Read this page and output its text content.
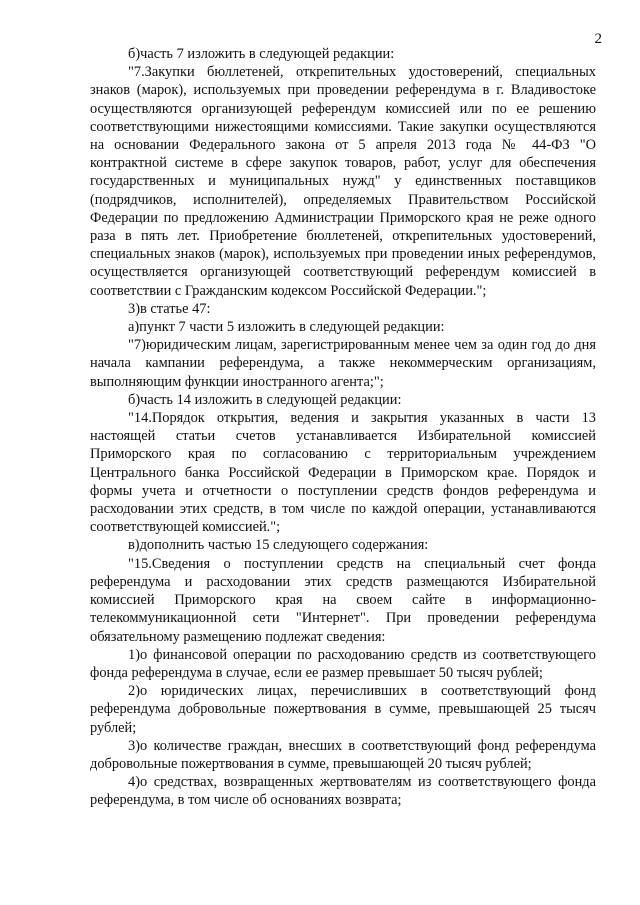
2

б)часть 7 изложить в следующей редакции:

"7.Закупки бюллетеней, открепительных удостоверений, специальных знаков (марок), используемых при проведении референдума в г. Владивостоке осуществляются организующей референдум комиссией или по ее решению соответствующими нижестоящими комиссиями. Такие закупки осуществляются на основании Федерального закона от 5 апреля 2013 года № 44-ФЗ "О контрактной системе в сфере закупок товаров, работ, услуг для обеспечения государственных и муниципальных нужд" у единственных поставщиков (подрядчиков, исполнителей), определяемых Правительством Российской Федерации по предложению Администрации Приморского края не реже одного раза в пять лет. Приобретение бюллетеней, открепительных удостоверений, специальных знаков (марок), используемых при проведении иных референдумов, осуществляется организующей соответствующий референдум комиссией в соответствии с Гражданским кодексом Российской Федерации.";

3)в статье 47:

а)пункт 7 части 5 изложить в следующей редакции:

"7)юридическим лицам, зарегистрированным менее чем за один год до дня начала кампании референдума, а также некоммерческим организациям, выполняющим функции иностранного агента;";

б)часть 14 изложить в следующей редакции:

"14.Порядок открытия, ведения и закрытия указанных в части 13 настоящей статьи счетов устанавливается Избирательной комиссией Приморского края по согласованию с территориальным учреждением Центрального банка Российской Федерации в Приморском крае. Порядок и формы учета и отчетности о поступлении средств фондов референдума и расходовании этих средств, в том числе по каждой операции, устанавливаются соответствующей комиссией.";

в)дополнить частью 15 следующего содержания:

"15.Сведения о поступлении средств на специальный счет фонда референдума и расходовании этих средств размещаются Избирательной комиссией Приморского края на своем сайте в информационно-телекоммуникационной сети "Интернет". При проведении референдума обязательному размещению подлежат сведения:

1)о финансовой операции по расходованию средств из соответствующего фонда референдума в случае, если ее размер превышает 50 тысяч рублей;

2)о юридических лицах, перечисливших в соответствующий фонд референдума добровольные пожертвования в сумме, превышающей 25 тысяч рублей;

3)о количестве граждан, внесших в соответствующий фонд референдума добровольные пожертвования в сумме, превышающей 20 тысяч рублей;

4)о средствах, возвращенных жертвователям из соответствующего фонда референдума, в том числе об основаниях возврата;
